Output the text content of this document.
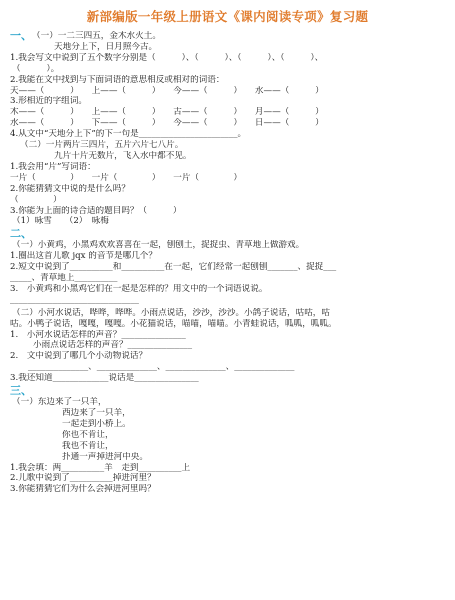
新部编版一年级上册语文《课内阅读专项》复习题
一、 （一）一二三四五，金木水火土。
天地分上下，日月照今古。
1.我会写文中说到了五个数字分别是（　　　）、（　　　）、（　　　）、（　　　）、
（　　　）。
2.我能在文中找到与下面词语的意思相反或相对的词语：
天——（　　　）　　上——（　　　）　　今——（　　　）　　水——（　　　）
3.形相近的字组词。
木——（　　　）　　上——（　　　）　　古——（　　　）　　月——（　　　）
水——（　　　）　　下——（　　　）　　今——（　　　）　　日——（　　　）
4.从文中“天地分上下”的下一句是_______________________。
（二）一片两片三四片，五片六片七八片。
九片十片无数片，飞入水中都不见。
1.我会用“片”写词语：
一片（　　　　）　　一片（　　　　）　　一片（　　　　）
2.你能猜猜文中说的是什么吗？
（　　　　）
3.你能为上面的诗合适的题目吗？（　　　）
（1）咏雪　　（2）　咏梅
二、
（一）小黄鸡，小黑鸡欢欢喜喜在一起，刨刨土，捉捉虫、青草地上做游戏。
1.圈出这首儿歌 jqx 的音节是哪几个？
2.短文中说到了__________和__________在一起，它们经常一起刨刨_______、捉捉___
_____、青草地上__________
3.　小黄鸡和小黑鸡它们在一起是怎样的？用文中的一个词语说说。
______________________________
（二）小河水说话，哗哗，哗哗。小雨点说话，沙沙，沙沙。小鸽子说话，咕咕，咕
咕。小鸭子说话，嘎嘎，嘎嘎。小花猫说话，喵喵，喵喵。小青蛙说话，呱呱，呱呱。
1.　小河水说话怎样的声音？_______________
小雨点说话怎样的声音？_______________
2.　文中说到了哪几个小动物说话？
______________、______________、______________、______________
3.我还知道_____________说话是_______________
三、
（一）东边来了一只羊，
西边来了一只羊，
一起走到小桥上。
你也不肯让，
我也不肯让，
扑通一声掉进河中央。
1.我会填：两__________羊　走到__________上
2.儿歌中说到了__________掉进河里？
3.你能猜猜它们为什么会掉进河里吗？
